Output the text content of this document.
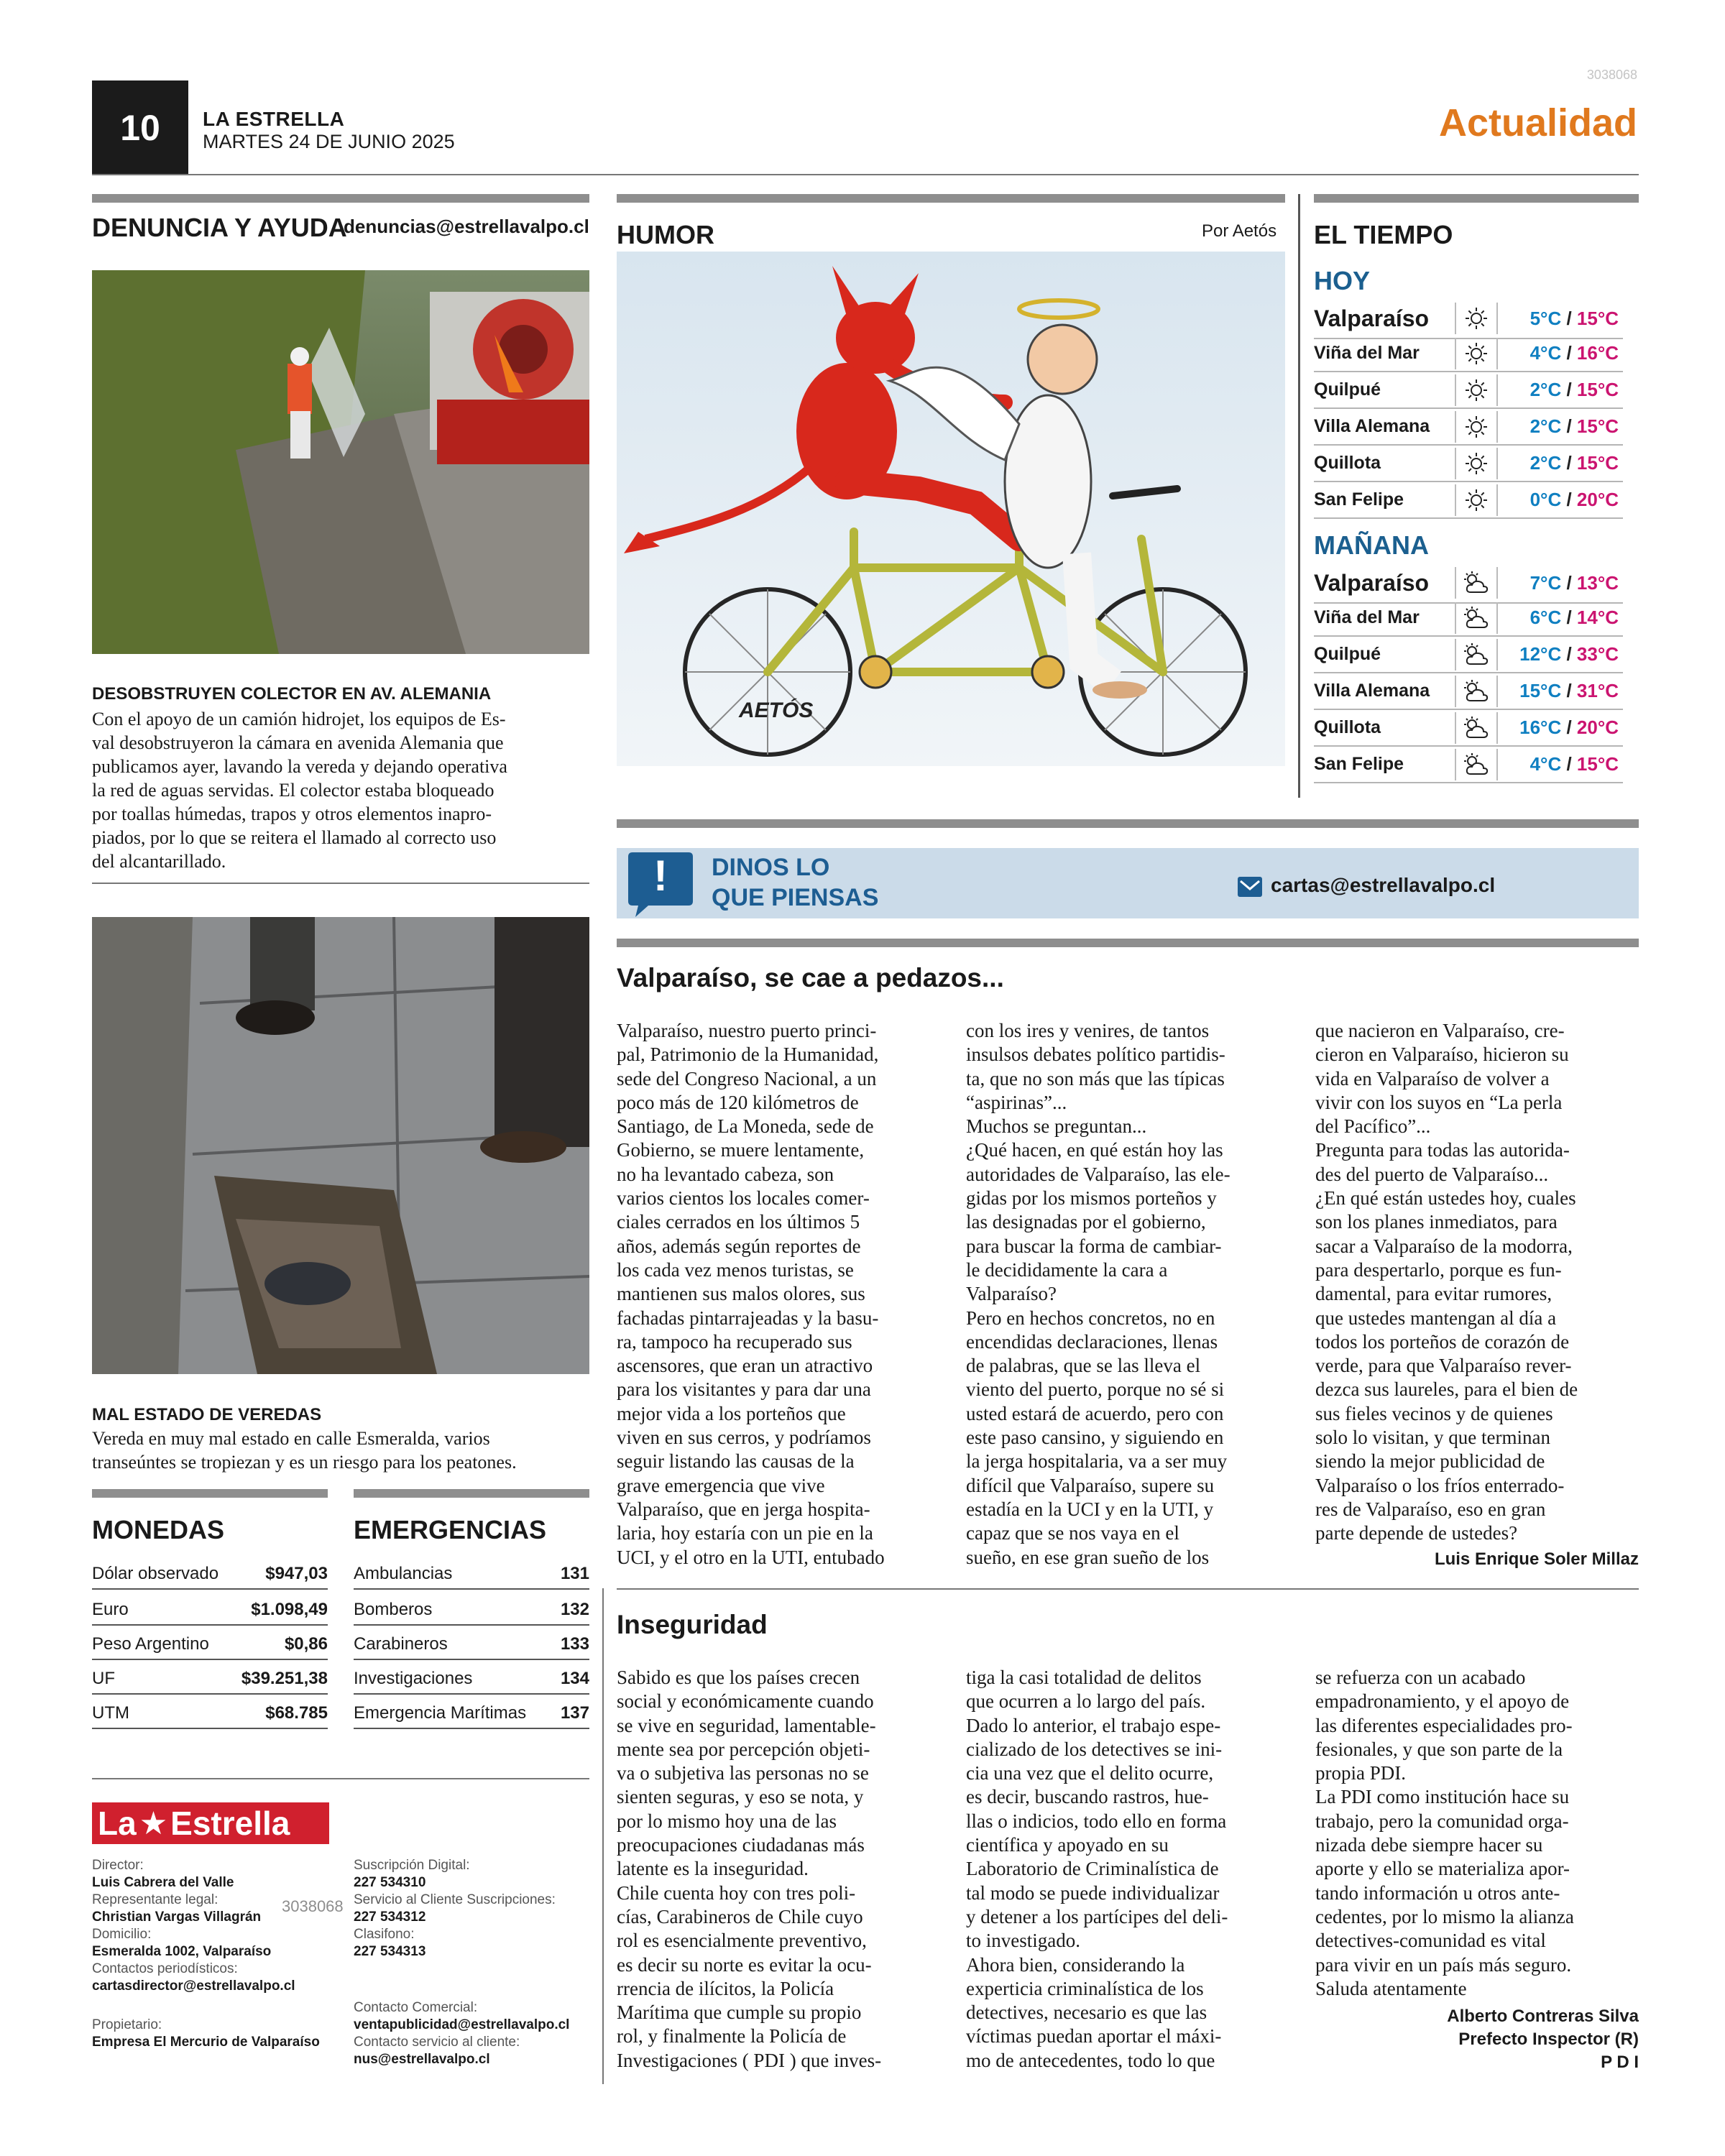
3038068
10	LA ESTRELLA
MARTES 24 DE JUNIO 2025	Actualidad
DENUNCIA Y AYUDA
denuncias@estrellavalpo.cl
DESOBSTRUYEN COLECTOR EN AV. ALEMANIA
Con el apoyo de un camión hidrojet, los equipos de Es-
val desobstruyeron la cámara en avenida Alemania que
publicamos ayer, lavando la vereda y dejando operativa
la red de aguas servidas. El colector estaba bloqueado
por toallas húmedas, trapos y otros elementos inapro-
piados, por lo que se reitera el llamado al correcto uso
del alcantarillado.
MAL ESTADO DE VEREDAS
Vereda en muy mal estado en calle Esmeralda, varios
transeúntes se tropiezan y es un riesgo para los peatones.
MONEDAS
Dólar observado	$947,03
Euro	$1.098,49
Peso Argentino	$0,86
UF	$39.251,38
UTM	$68.785
EMERGENCIAS
Ambulancias	131
Bomberos	132
Carabineros	133
Investigaciones	134
Emergencia Marítimas 137
La ★ Estrella
Director:
Luis Cabrera del Valle
Representante legal:
Christian Vargas Villagrán
Domicilio:
Esmeralda 1002, Valparaíso
Contactos periodísticos:
cartasdirector@estrellavalpo.cl
Propietario:
Empresa El Mercurio de Valparaíso
3038068
Suscripción Digital:
227 534310
Servicio al Cliente Suscripciones:
227 534312
Clasifono:
227 534313
Contacto Comercial:
ventapublicidad@estrellavalpo.cl
Contacto servicio al cliente:
nus@estrellavalpo.cl
HUMOR	Por Aetós
AETÓS
EL TIEMPO
HOY
Valparaíso	5°C / 15°C
Viña del Mar	4°C / 16°C
Quilpué	2°C / 15°C
Villa Alemana	2°C / 15°C
Quillota	2°C / 15°C
San Felipe	0°C / 20°C
MAÑANA
Valparaíso	7°C / 13°C
Viña del Mar	6°C / 14°C
Quilpué	12°C / 33°C
Villa Alemana	15°C / 31°C
Quillota	16°C / 20°C
San Felipe	4°C / 15°C
!	DINOS LO
QUE PIENSAS	cartas@estrellavalpo.cl
Valparaíso, se cae a pedazos...

Valparaíso, nuestro puerto princi-

pal, Patrimonio de la Humanidad,

sede del Congreso Nacional, a un

poco más de 120 kilómetros de

Santiago, de La Moneda, sede de

Gobierno, se muere lentamente,

no ha levantado cabeza, son

varios cientos los locales comer-

ciales cerrados en los últimos 5

años, además según reportes de

los cada vez menos turistas, se

mantienen sus malos olores, sus

fachadas pintarrajeadas y la basu-

ra, tampoco ha recuperado sus

ascensores, que eran un atractivo

para los visitantes y para dar una

mejor vida a los porteños que

viven en sus cerros, y podríamos

seguir listando las causas de la

grave emergencia que vive

Valparaíso, que en jerga hospita-

laria, hoy estaría con un pie en la

UCI, y el otro en la UTI, entubado

con los ires y venires, de tantos

insulsos debates político partidis-

ta, que no son más que las típicas

“aspirinas”...

Muchos se preguntan...

¿Qué hacen, en qué están hoy las

autoridades de Valparaíso, las ele-

gidas por los mismos porteños y

las designadas por el gobierno,

para buscar la forma de cambiar-

le decididamente la cara a

Valparaíso?

Pero en hechos concretos, no en

encendidas declaraciones, llenas

de palabras, que se las lleva el

viento del puerto, porque no sé si

usted estará de acuerdo, pero con

este paso cansino, y siguiendo en

la jerga hospitalaria, va a ser muy

difícil que Valparaíso, supere su

estadía en la UCI y en la UTI, y

capaz que se nos vaya en el

sueño, en ese gran sueño de los

que nacieron en Valparaíso, cre-

cieron en Valparaíso, hicieron su

vida en Valparaíso de volver a

vivir con los suyos en “La perla

del Pacífico”...

Pregunta para todas las autorida-

des del puerto de Valparaíso...

¿En qué están ustedes hoy, cuales

son los planes inmediatos, para

sacar a Valparaíso de la modorra,

para despertarlo, porque es fun-

damental, para evitar rumores,

que ustedes mantengan al día a

todos los porteños de corazón de

verde, para que Valparaíso rever-

dezca sus laureles, para el bien de

sus fieles vecinos y de quienes

solo lo visitan, y que terminan

siendo la mejor publicidad de

Valparaíso o los fríos enterrado-

res de Valparaíso, eso en gran

parte depende de ustedes?

Luis Enrique Soler Millaz
Inseguridad

Sabido es que los países crecen

social y económicamente cuando

se vive en seguridad, lamentable-

mente sea por percepción objeti-

va o subjetiva las personas no se

sienten seguras, y eso se nota, y

por lo mismo hoy una de las

preocupaciones ciudadanas más

latente es la inseguridad.

Chile cuenta hoy con tres poli-

cías, Carabineros de Chile cuyo

rol es esencialmente preventivo,

es decir su norte es evitar la ocu-

rrencia de ilícitos, la Policía

Marítima que cumple su propio

rol, y finalmente la Policía de

Investigaciones ( PDI ) que inves-

tiga la casi totalidad de delitos

que ocurren a lo largo del país.

Dado lo anterior, el trabajo espe-

cializado de los detectives se ini-

cia una vez que el delito ocurre,

es decir, buscando rastros, hue-

llas o indicios, todo ello en forma

científica y apoyado en su

Laboratorio de Criminalística de

tal modo se puede individualizar

y detener a los partícipes del deli-

to investigado.

Ahora bien, considerando la

experticia criminalística de los

detectives, necesario es que las

víctimas puedan aportar el máxi-

mo de antecedentes, todo lo que

se refuerza con un acabado

empadronamiento, y el apoyo de

las diferentes especialidades pro-

fesionales, y que son parte de la

propia PDI.

La PDI como institución hace su

trabajo, pero la comunidad orga-

nizada debe siempre hacer su

aporte y ello se materializa apor-

tando información u otros ante-

cedentes, por lo mismo la alianza

detectives-comunidad es vital

para vivir en un país más seguro.

Saluda atentamente

Alberto Contreras Silva
Prefecto Inspector (R)
P D I
